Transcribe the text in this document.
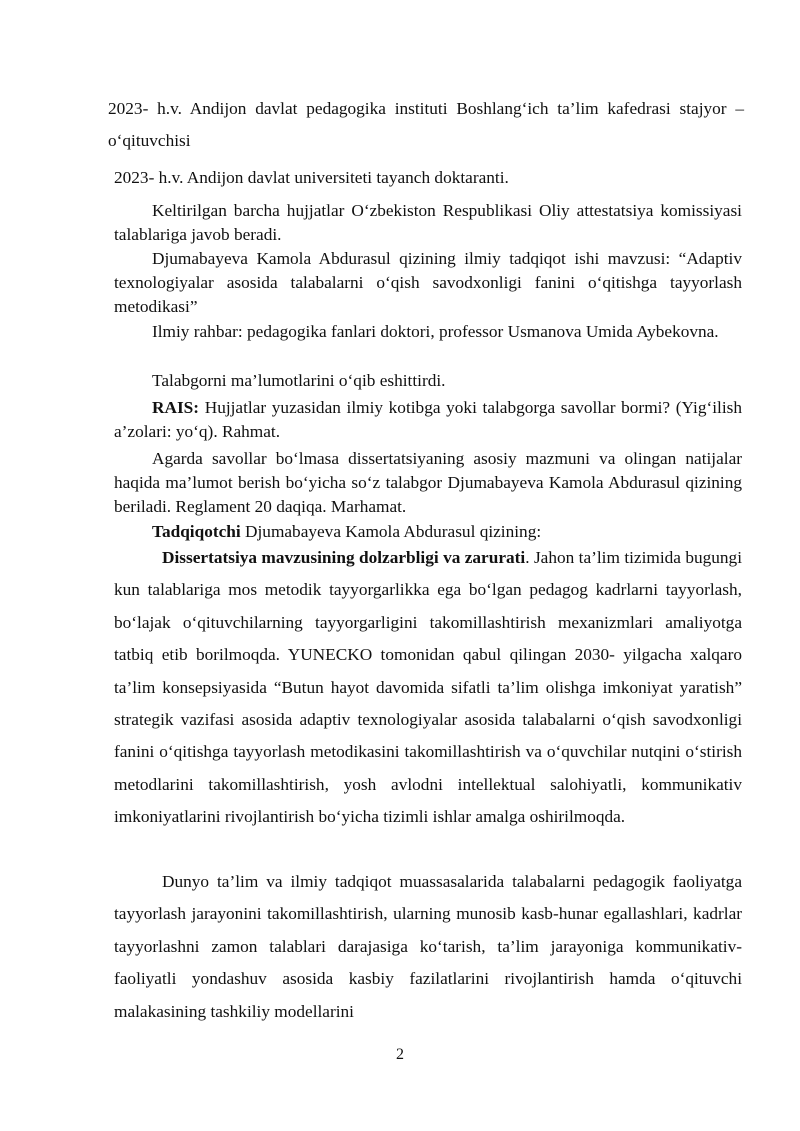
2023- h.v. Andijon davlat pedagogika instituti Boshlang‘ich ta’lim kafedrasi stajyor – o‘qituvchisi

2023- h.v. Andijon davlat universiteti tayanch doktaranti.

Keltirilgan barcha hujjatlar O‘zbekiston Respublikasi Oliy attestatsiya komissiyasi talablariga javob beradi.

Djumabayeva Kamola Abdurasul qizining ilmiy tadqiqot ishi mavzusi: “Adaptiv texnologiyalar asosida talabalarni o‘qish savodxonligi fanini o‘qitishga tayyorlash metodikasi”

Ilmiy rahbar: pedagogika fanlari doktori, professor Usmanova Umida Aybekovna.

Talabgorni ma’lumotlarini o‘qib eshittirdi.

RAIS: Hujjatlar yuzasidan ilmiy kotibga yoki talabgorga savollar bormi? (Yig‘ilish a’zolari: yo‘q). Rahmat.

Agarda savollar bo‘lmasa dissertatsiyaning asosiy mazmuni va olingan natijalar haqida ma’lumot berish bo‘yicha so‘z talabgor Djumabayeva Kamola Abdurasul qizining beriladi. Reglament 20 daqiqa. Marhamat.

Tadqiqotchi Djumabayeva Kamola Abdurasul qizining:

Dissertatsiya mavzusining dolzarbligi va zarurati. Jahon ta’lim tizimida bugungi kun talablariga mos metodik tayyorgarlikka ega bo‘lgan pedagog kadrlarni tayyorlash, bo‘lajak o‘qituvchilarning tayyorgarligini takomillashtirish mexanizmlari amaliyotga tatbiq etib borilmoqda. YUNECKO tomonidan qabul qilingan 2030- yilgacha xalqaro ta’lim konsepsiyasida “Butun hayot davomida sifatli ta’lim olishga imkoniyat yaratish” strategik vazifasi asosida adaptiv texnologiyalar asosida talabalarni o‘qish savodxonligi fanini o‘qitishga tayyorlash metodikasini takomillashtirish va o‘quvchilar nutqini o‘stirish metodlarini takomillashtirish, yosh avlodni intellektual salohiyatli, kommunikativ imkoniyatlarini rivojlantirish bo‘yicha tizimli ishlar amalga oshirilmoqda.

Dunyo ta’lim va ilmiy tadqiqot muassasalarida talabalarni pedagogik faoliyatga tayyorlash jarayonini takomillashtirish, ularning munosib kasb-hunar egallashlari, kadrlar tayyorlashni zamon talablari darajasiga ko‘tarish, ta’lim jarayoniga kommunikativ-faoliyatli yondashuv asosida kasbiy fazilatlarini rivojlantirish hamda o‘qituvchi malakasining tashkiliy modellarini

2
